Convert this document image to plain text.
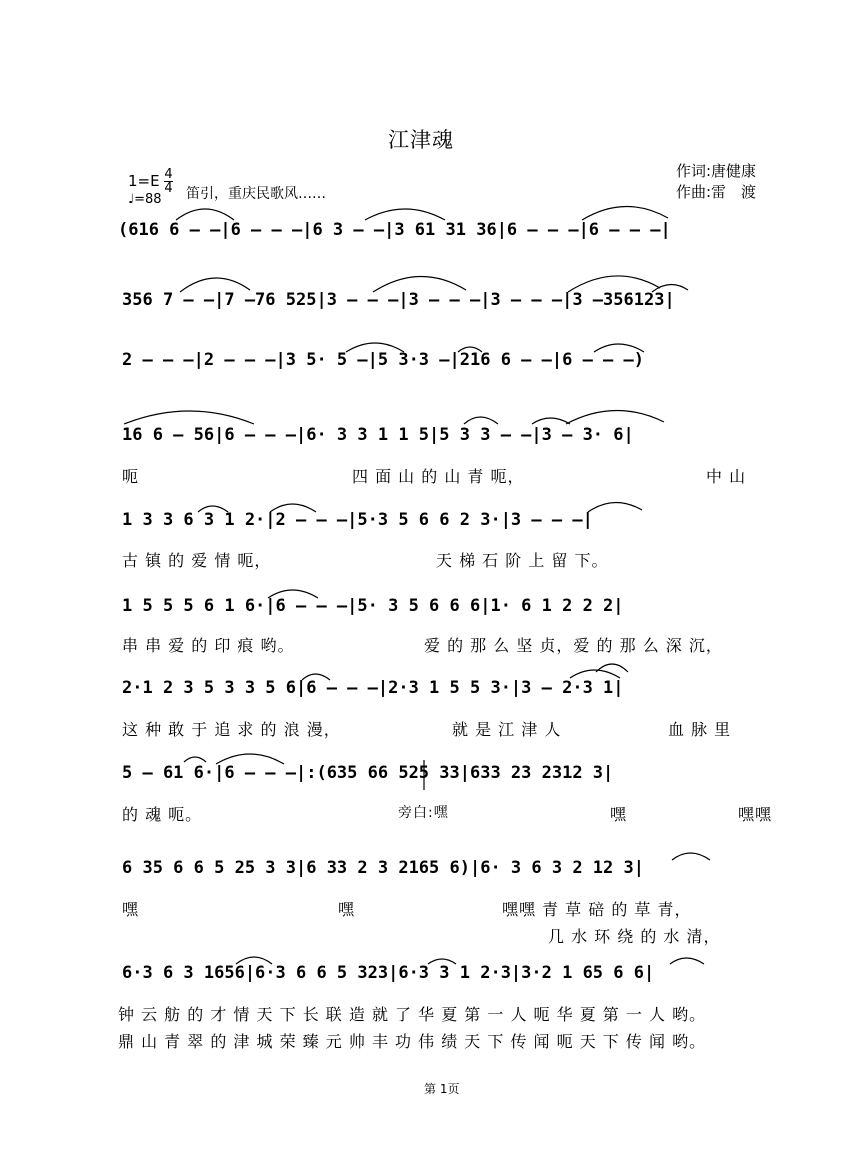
江津魂
作词:唐健康
作曲:雷　渡
$1=E \frac{4}{4}$
♩=88 笛引，重庆民歌风……
(616 6 – –|6 – – –|6 3 – –|3 61 31 36|6 – – –|6 – – –|
356 7 – –|7 –76 525|3 – – –|3 – – –|3 – – –|3 –356123|
2 – – –|2 – – –|3 5· 5 –|5 3·3 –|216 6 – –|6 – – –)
16 6 – 56|6 – – –|6· 3 3 1 1 5|5 3 3 – –|3 – 3· 6|
呃	四 面 山 的 山 青 呃，	中 山
1 3 3 6 3 1 2·|2 – – –|5·3 5 6 6 2 3·|3 – – –|
古 镇 的 爱 情 呃，	天 梯 石 阶 上 留 下。
1 5 5 5 6 1 6·|6 – – –|5· 3 5 6 6 6|1· 6 1 2 2 2|
串 串 爱 的 印 痕 哟。	爱 的 那 么 坚 贞，爱 的 那 么 深 沉，
2·1 2 3 5 3 3 5 6|6 – – –|2·3 1 5 5 3·|3 – 2·3 1|
这 种 敢 于 追 求 的 浪 漫，	就 是 江 津 人	血 脉 里
5 – 61 6·|6 – – –|:(635 66 525 33|633 23 2312 3|
的 魂 呃。	旁白:嘿	嘿	嘿嘿
6 35 6 6 5 25 3 3|6 33 2 3 2165 6)|6· 3 6 3 2 12 3|
嘿	嘿	嘿嘿 青 草 碚 的 草 青，
几 水 环 绕 的 水 清，
6·3 6 3 1656|6·3 6 6 5 323|6·3 3 1 2·3|3·2 1 65 6 6|
钟 云 舫 的 才 情 天 下 长 联 造 就 了 华 夏 第 一 人 呃 华 夏 第 一 人 哟。
鼎 山 青 翠 的 津 城 荣 臻 元 帅 丰 功 伟 绩 天 下 传 闻 呃 天 下 传 闻 哟。
第 1页
